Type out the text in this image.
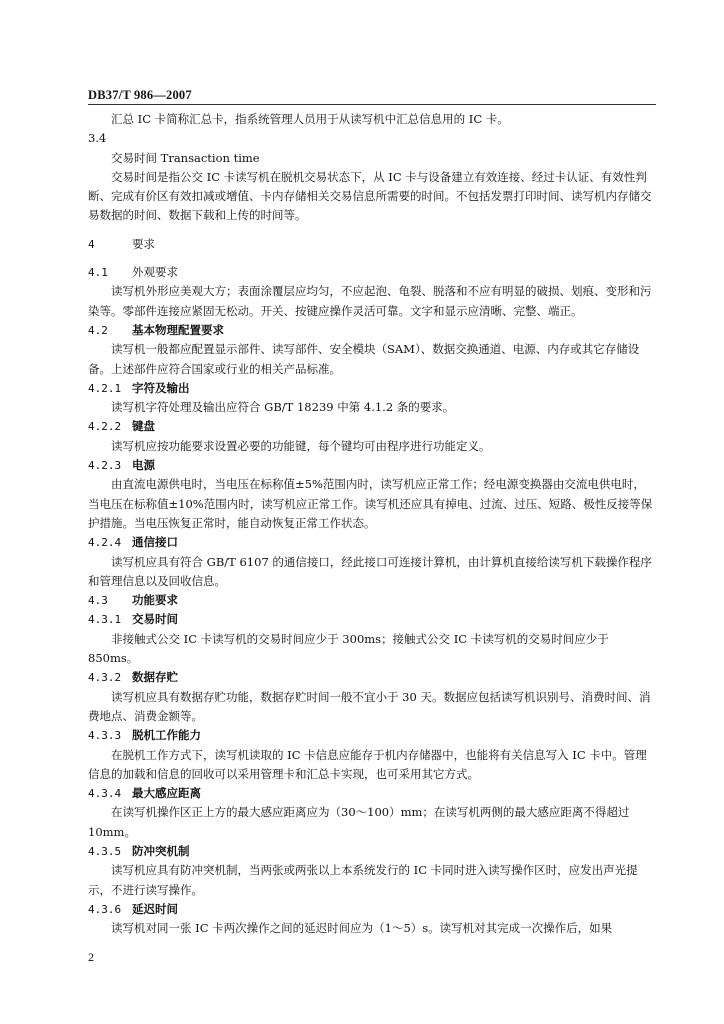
DB37/T 986—2007

汇总 IC 卡简称汇总卡，指系统管理人员用于从读写机中汇总信息用的 IC 卡。

3.4

交易时间 Transaction time

交易时间是指公交 IC 卡读写机在脱机交易状态下，从 IC 卡与设备建立有效连接、经过卡认证、有效性判断、完成有价区有效扣减或增值、卡内存储相关交易信息所需要的时间。不包括发票打印时间、读写机内存储交易数据的时间、数据下载和上传的时间等。

4	要求

4.1 外观要求

读写机外形应美观大方；表面涂覆层应均匀，不应起泡、龟裂、脱落和不应有明显的破损、划痕、变形和污染等。零部件连接应紧固无松动。开关、按键应操作灵活可靠。文字和显示应清晰、完整、端正。

4.2 基本物理配置要求

读写机一般都应配置显示部件、读写部件、安全模块（SAM）、数据交换通道、电源、内存或其它存储设备。上述部件应符合国家或行业的相关产品标准。

4.2.1 字符及输出

读写机字符处理及输出应符合 GB/T 18239 中第 4.1.2 条的要求。

4.2.2 键盘

读写机应按功能要求设置必要的功能键，每个键均可由程序进行功能定义。

4.2.3 电源

由直流电源供电时，当电压在标称值±5%范围内时，读写机应正常工作；经电源变换器由交流电供电时，当电压在标称值±10%范围内时，读写机应正常工作。读写机还应具有掉电、过流、过压、短路、极性反接等保护措施。当电压恢复正常时，能自动恢复正常工作状态。

4.2.4 通信接口

读写机应具有符合 GB/T 6107 的通信接口，经此接口可连接计算机，由计算机直接给读写机下载操作程序和管理信息以及回收信息。

4.3 功能要求

4.3.1 交易时间

非接触式公交 IC 卡读写机的交易时间应少于 300ms；接触式公交 IC 卡读写机的交易时间应少于 850ms。

4.3.2 数据存贮

读写机应具有数据存贮功能，数据存贮时间一般不宜小于 30 天。数据应包括读写机识别号、消费时间、消费地点、消费金额等。

4.3.3 脱机工作能力

在脱机工作方式下，读写机读取的 IC 卡信息应能存于机内存储器中，也能将有关信息写入 IC 卡中。管理信息的加载和信息的回收可以采用管理卡和汇总卡实现，也可采用其它方式。

4.3.4 最大感应距离

在读写机操作区正上方的最大感应距离应为（30～100）mm；在读写机两侧的最大感应距离不得超过 10mm。

4.3.5 防冲突机制

读写机应具有防冲突机制，当两张或两张以上本系统发行的 IC 卡同时进入读写操作区时，应发出声光提示，不进行读写操作。

4.3.6 延迟时间

读写机对同一张 IC 卡两次操作之间的延迟时间应为（1～5）s。读写机对其完成一次操作后，如果

2
